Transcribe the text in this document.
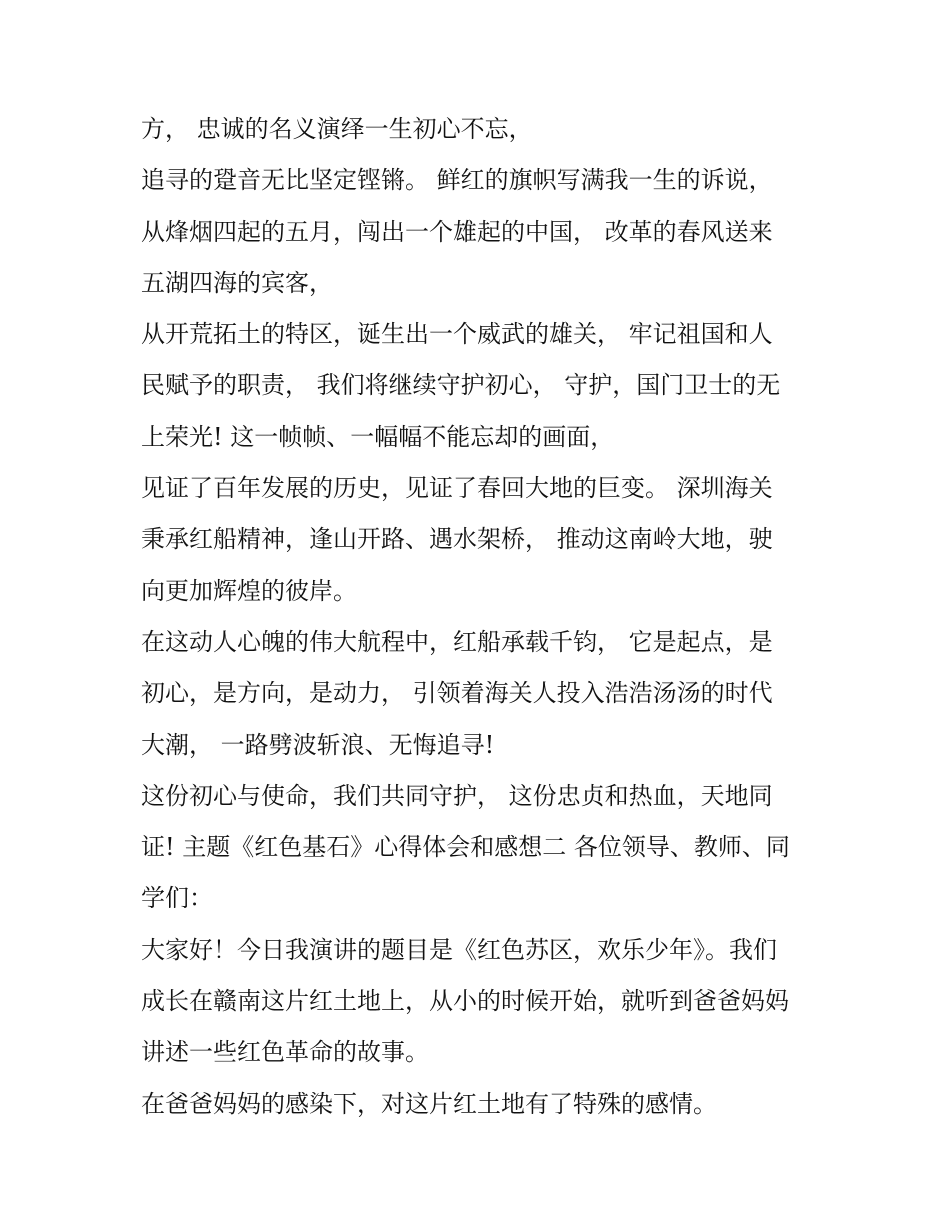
方， 忠诚的名义演绎一生初心不忘，
追寻的跫音无比坚定铿锵。 鲜红的旗帜写满我一生的诉说，
从烽烟四起的五月，闯出一个雄起的中国， 改革的春风送来
五湖四海的宾客，
从开荒拓土的特区，诞生出一个威武的雄关， 牢记祖国和人
民赋予的职责， 我们将继续守护初心， 守护，国门卫士的无
上荣光! 这一帧帧、一幅幅不能忘却的画面，
见证了百年发展的历史，见证了春回大地的巨变。 深圳海关
秉承红船精神，逢山开路、遇水架桥， 推动这南岭大地，驶
向更加辉煌的彼岸。
在这动人心魄的伟大航程中，红船承载千钧， 它是起点，是
初心，是方向，是动力， 引领着海关人投入浩浩汤汤的时代
大潮， 一路劈波斩浪、无悔追寻!
这份初心与使命，我们共同守护， 这份忠贞和热血，天地同
证! 主题《红色基石》心得体会和感想二 各位领导、教师、同
学们：
大家好！今日我演讲的题目是《红色苏区，欢乐少年》。我们
成长在赣南这片红土地上，从小的时候开始，就听到爸爸妈妈
讲述一些红色革命的故事。
在爸爸妈妈的感染下，对这片红土地有了特殊的感情。
